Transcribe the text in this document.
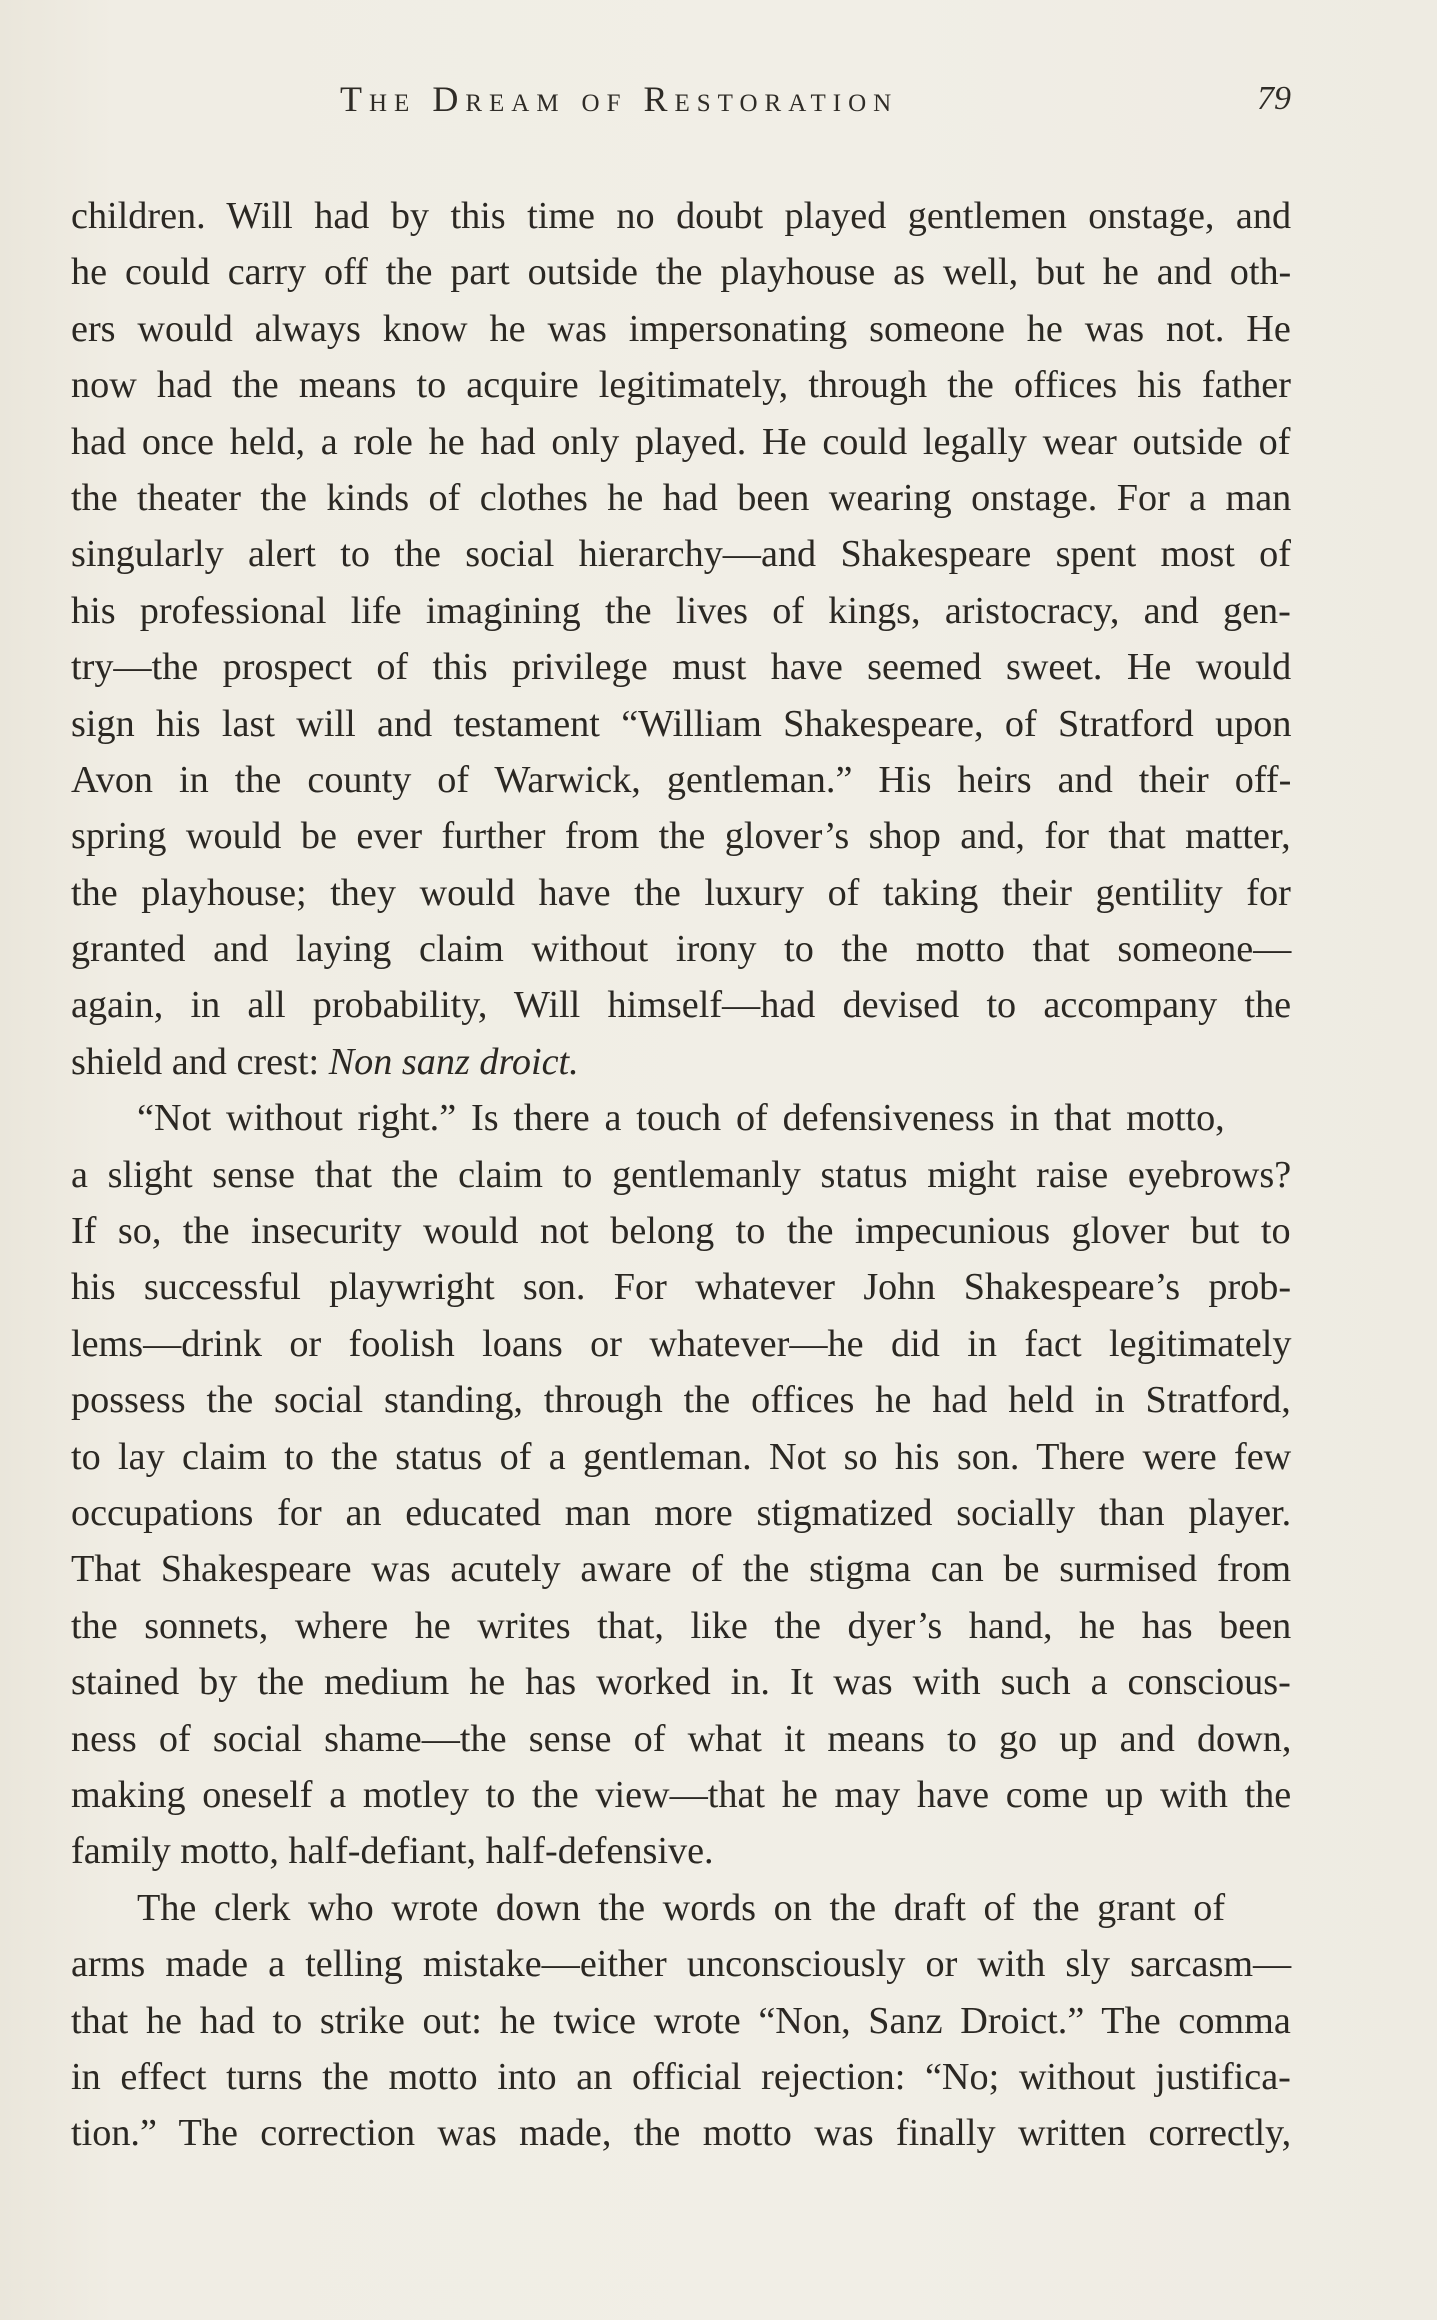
The Dream of Restoration	79

children. Will had by this time no doubt played gentlemen onstage, and
he could carry off the part outside the playhouse as well, but he and oth-
ers would always know he was impersonating someone he was not. He
now had the means to acquire legitimately, through the offices his father
had once held, a role he had only played. He could legally wear outside of
the theater the kinds of clothes he had been wearing onstage. For a man
singularly alert to the social hierarchy—and Shakespeare spent most of
his professional life imagining the lives of kings, aristocracy, and gen-
try—the prospect of this privilege must have seemed sweet. He would
sign his last will and testament “William Shakespeare, of Stratford upon
Avon in the county of Warwick, gentleman.” His heirs and their off-
spring would be ever further from the glover’s shop and, for that matter,
the playhouse; they would have the luxury of taking their gentility for
granted and laying claim without irony to the motto that someone—
again, in all probability, Will himself—had devised to accompany the
shield and crest: Non sanz droict.

“Not without right.” Is there a touch of defensiveness in that motto,
a slight sense that the claim to gentlemanly status might raise eyebrows?
If so, the insecurity would not belong to the impecunious glover but to
his successful playwright son. For whatever John Shakespeare’s prob-
lems—drink or foolish loans or whatever—he did in fact legitimately
possess the social standing, through the offices he had held in Stratford,
to lay claim to the status of a gentleman. Not so his son. There were few
occupations for an educated man more stigmatized socially than player.
That Shakespeare was acutely aware of the stigma can be surmised from
the sonnets, where he writes that, like the dyer’s hand, he has been
stained by the medium he has worked in. It was with such a conscious-
ness of social shame—the sense of what it means to go up and down,
making oneself a motley to the view—that he may have come up with the
family motto, half-defiant, half-defensive.

The clerk who wrote down the words on the draft of the grant of
arms made a telling mistake—either unconsciously or with sly sarcasm—
that he had to strike out: he twice wrote “Non, Sanz Droict.” The comma
in effect turns the motto into an official rejection: “No; without justifica-
tion.” The correction was made, the motto was finally written correctly,
